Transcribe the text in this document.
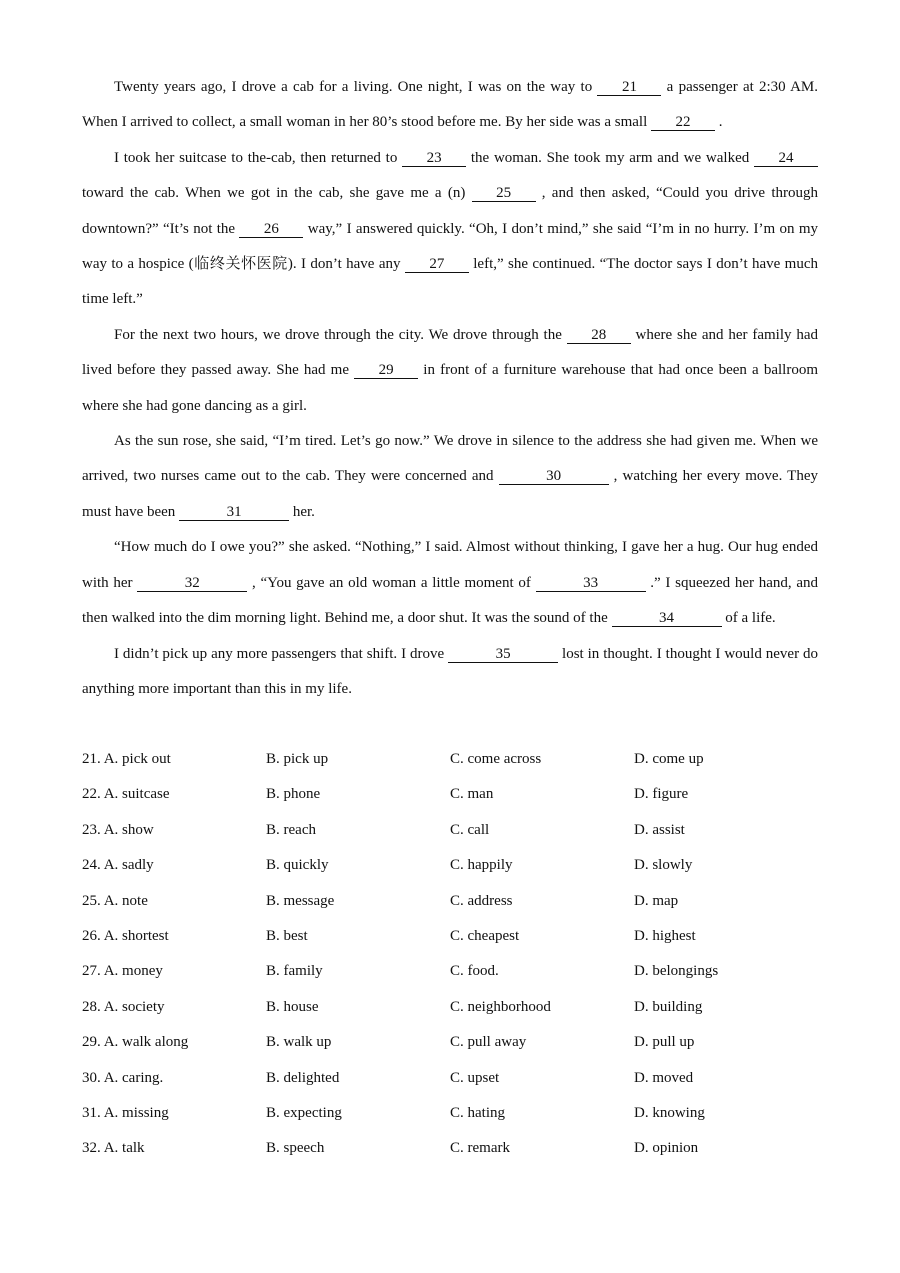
Twenty years ago, I drove a cab for a living. One night, I was on the way to 21 a passenger at 2:30 AM. When I arrived to collect, a small woman in her 80’s stood before me. By her side was a small 22 .

I took her suitcase to the-cab, then returned to 23 the woman. She took my arm and we walked 24 toward the cab. When we got in the cab, she gave me a (n) 25 , and then asked, “Could you drive through downtown?” “It’s not the 26 way,” I answered quickly. “Oh, I don’t mind,” she said “I’m in no hurry. I’m on my way to a hospice (临终关怀医院). I don’t have any 27 left,” she continued. “The doctor says I don’t have much time left.”

For the next two hours, we drove through the city. We drove through the 28 where she and her family had lived before they passed away. She had me 29 in front of a furniture warehouse that had once been a ballroom where she had gone dancing as a girl.

As the sun rose, she said, “I’m tired. Let’s go now.” We drove in silence to the address she had given me. When we arrived, two nurses came out to the cab. They were concerned and	30	, watching her every move. They must have been	31	her.

“How much do I owe you?” she asked. “Nothing,” I said. Almost without thinking, I gave her a hug. Our hug ended with her	32	, “You gave an old woman a little moment of	33	.” I squeezed her hand, and then walked into the dim morning light. Behind me, a door shut. It was the sound of the	34	of a life.

I didn’t pick up any more passengers that shift. I drove	35	lost in thought. I thought I would never do anything more important than this in my life.

21. A. pick out	B. pick up	C. come across	D. come up
22. A. suitcase	B. phone	C. man	D. figure
23. A. show	B. reach	C. call	D. assist
24. A. sadly	B. quickly	C. happily	D. slowly
25. A. note	B. message	C. address	D. map
26. A. shortest	B. best	C. cheapest	D. highest
27. A. money	B. family	C. food.	D. belongings
28. A. society	B. house	C. neighborhood	D. building
29. A. walk along	B. walk up	C. pull away	D. pull up
30. A. caring.	B. delighted	C. upset	D. moved
31. A. missing	B. expecting	C. hating	D. knowing
32. A. talk	B. speech	C. remark	D. opinion
